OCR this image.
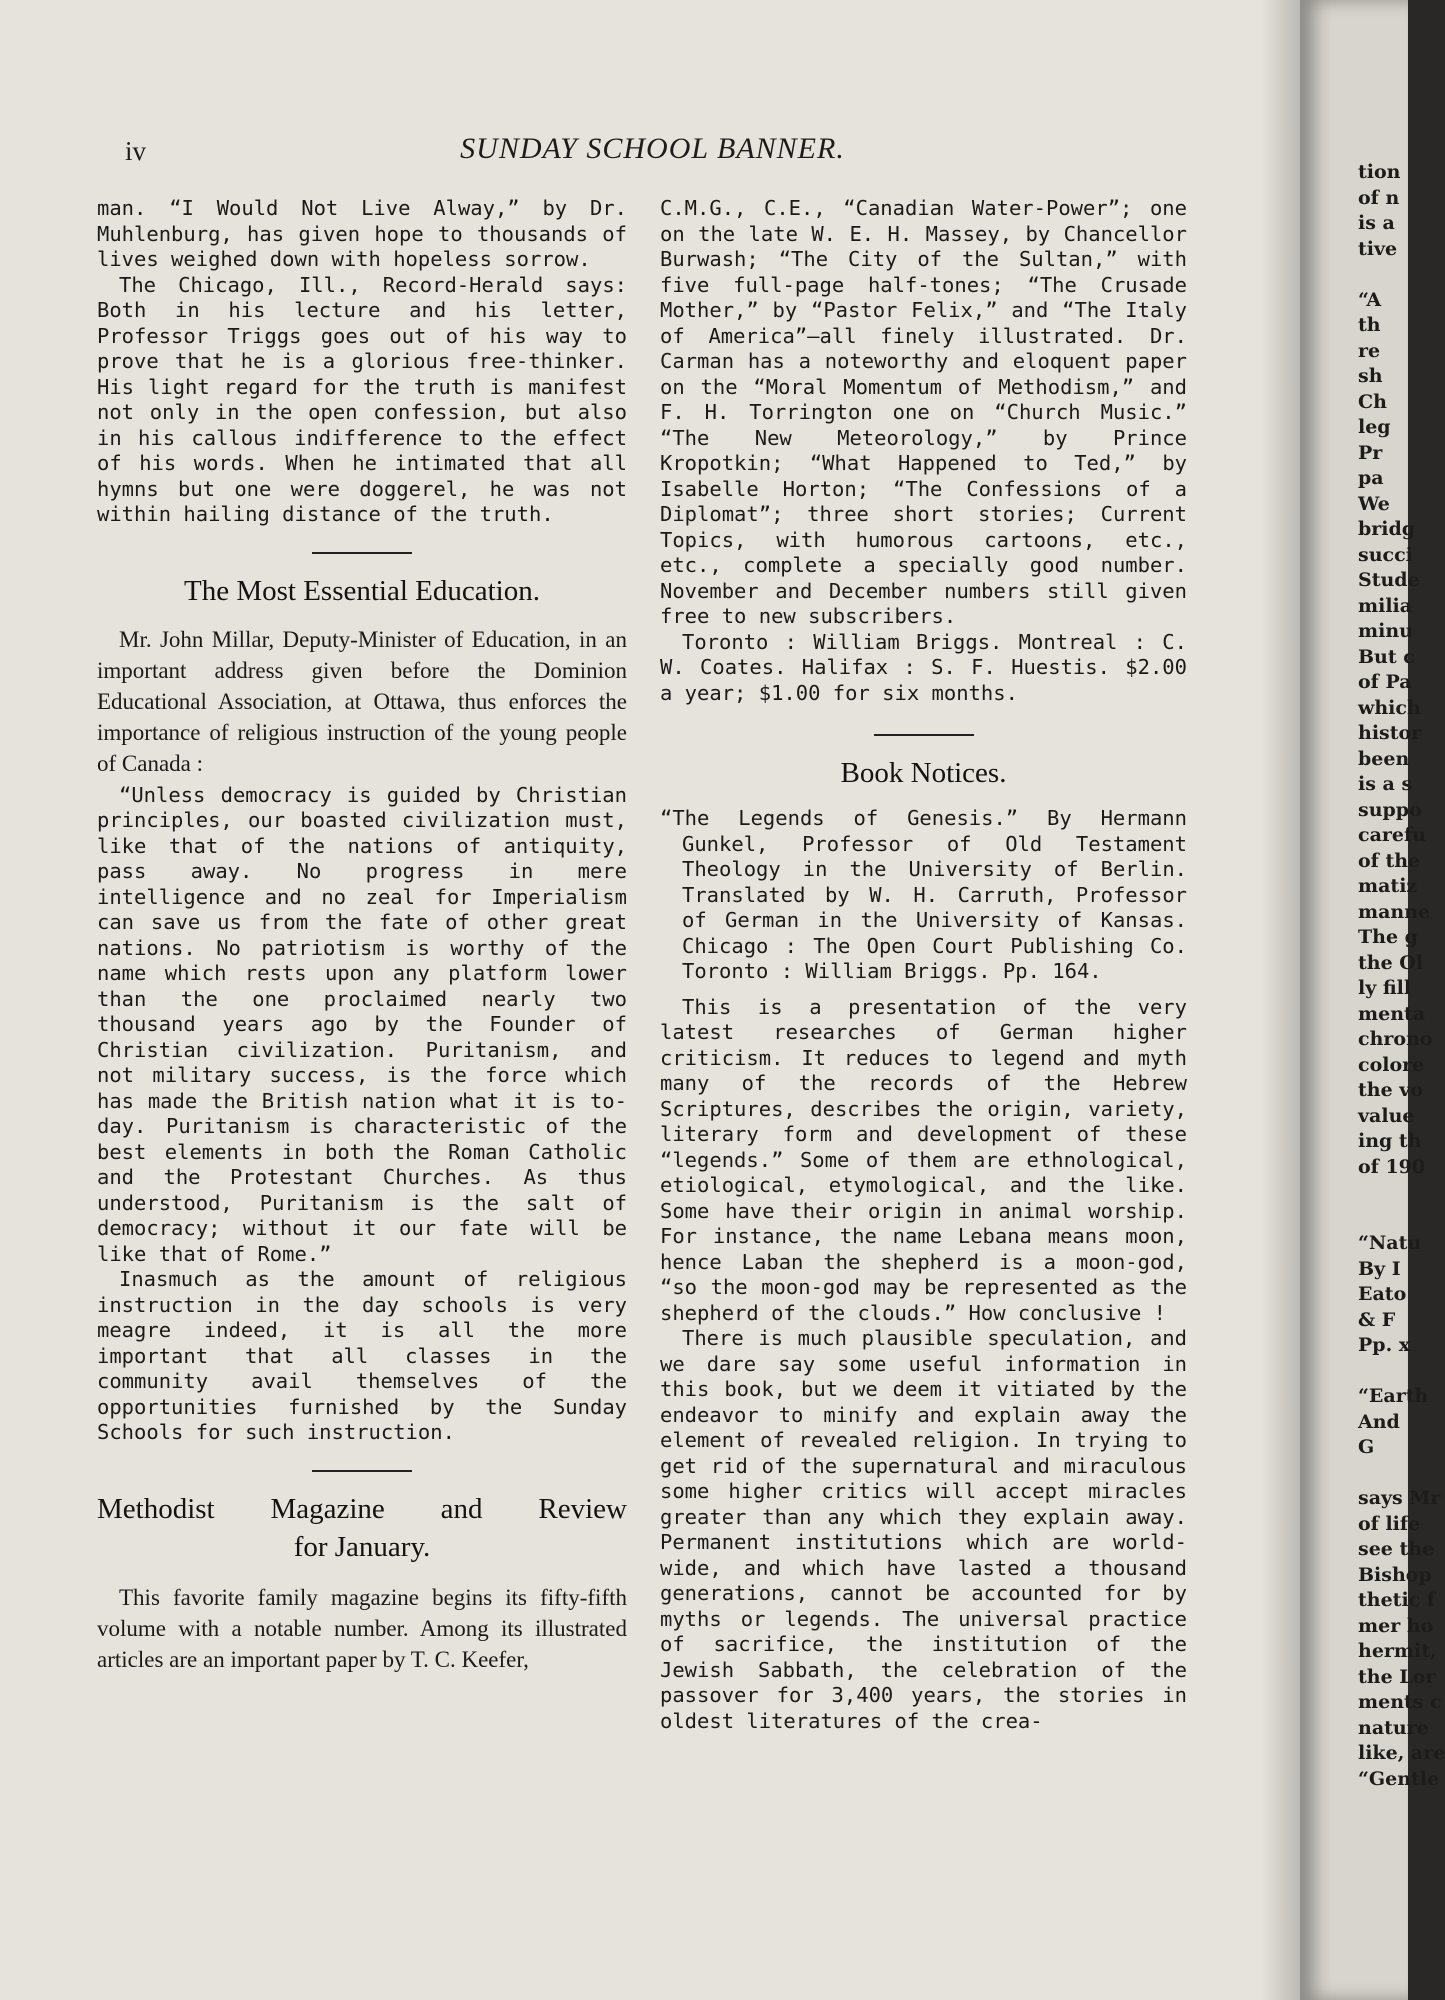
iv	SUNDAY SCHOOL BANNER.

man. “I Would Not Live Alway,” by Dr. Muhlenburg, has given hope to thousands of lives weighed down with hopeless sorrow.

The Chicago, Ill., Record-Herald says: Both in his lecture and his letter, Professor Triggs goes out of his way to prove that he is a glorious free-thinker. His light regard for the truth is manifest not only in the open confession, but also in his callous indifference to the effect of his words. When he intimated that all hymns but one were doggerel, he was not within hailing distance of the truth.

The Most Essential Education.

Mr. John Millar, Deputy-Minister of Education, in an important address given before the Dominion Educational Association, at Ottawa, thus enforces the importance of religious instruction of the young people of Canada :

“Unless democracy is guided by Christian principles, our boasted civilization must, like that of the nations of antiquity, pass away. No progress in mere intelligence and no zeal for Imperialism can save us from the fate of other great nations. No patriotism is worthy of the name which rests upon any platform lower than the one proclaimed nearly two thousand years ago by the Founder of Christian civilization. Puritanism, and not military success, is the force which has made the British nation what it is to-day. Puritanism is characteristic of the best elements in both the Roman Catholic and the Protestant Churches. As thus understood, Puritanism is the salt of democracy; without it our fate will be like that of Rome.”

Inasmuch as the amount of religious instruction in the day schools is very meagre indeed, it is all the more important that all classes in the community avail themselves of the opportunities furnished by the Sunday Schools for such instruction.

Methodist Magazine and Review
for January.

This favorite family magazine begins its fifty-fifth volume with a notable number. Among its illustrated articles are an important paper by T. C. Keefer,

C.M.G., C.E., “Canadian Water-Power”; one on the late W. E. H. Massey, by Chancellor Burwash; “The City of the Sultan,” with five full-page half-tones; “The Crusade Mother,” by “Pastor Felix,” and “The Italy of America”—all finely illustrated. Dr. Carman has a noteworthy and eloquent paper on the “Moral Momentum of Methodism,” and F. H. Torrington one on “Church Music.” “The New Meteorology,” by Prince Kropotkin; “What Happened to Ted,” by Isabelle Horton; “The Confessions of a Diplomat”; three short stories; Current Topics, with humorous cartoons, etc., etc., complete a specially good number. November and December numbers still given free to new subscribers.

Toronto : William Briggs. Montreal : C. W. Coates. Halifax : S. F. Huestis. $2.00 a year; $1.00 for six months.

Book Notices.

“The Legends of Genesis.” By Hermann Gunkel, Professor of Old Testament Theology in the University of Berlin. Translated by W. H. Carruth, Professor of German in the University of Kansas. Chicago : The Open Court Publishing Co. Toronto : William Briggs. Pp. 164.

This is a presentation of the very latest researches of German higher criticism. It reduces to legend and myth many of the records of the Hebrew Scriptures, describes the origin, variety, literary form and development of these “legends.” Some of them are ethnological, etiological, etymological, and the like. Some have their origin in animal worship. For instance, the name Lebana means moon, hence Laban the shepherd is a moon-god, “so the moon-god may be represented as the shepherd of the clouds.” How conclusive !

There is much plausible speculation, and we dare say some useful information in this book, but we deem it vitiated by the endeavor to minify and explain away the element of revealed religion. In trying to get rid of the supernatural and miraculous some higher critics will accept miracles greater than any which they explain away. Permanent institutions which are world-wide, and which have lasted a thousand generations, cannot be accounted for by myths or legends. The universal practice of sacrifice, the institution of the Jewish Sabbath, the celebration of the passover for 3,400 years, the stories in oldest literatures of the crea-

tion
of n
is a
tive
“A
th
re
sh
Ch
leg
Pr
pa
We
bridg
succi
Stude
milia
minu
But c
of Pa
which
histor
been
is a s
suppo
carefu
of the
matiz
manne
The g
the Ol
ly fill
menta
chrono
colore
the vo
value
ing th
of 190
“Natu
By I
Eato
& F
Pp. x
“Earth
And
G
says Mr
of life
see the
Bishop
thetic f
mer ho
hermit,
the Lor
ments c
nature
like, are
“Gentle
